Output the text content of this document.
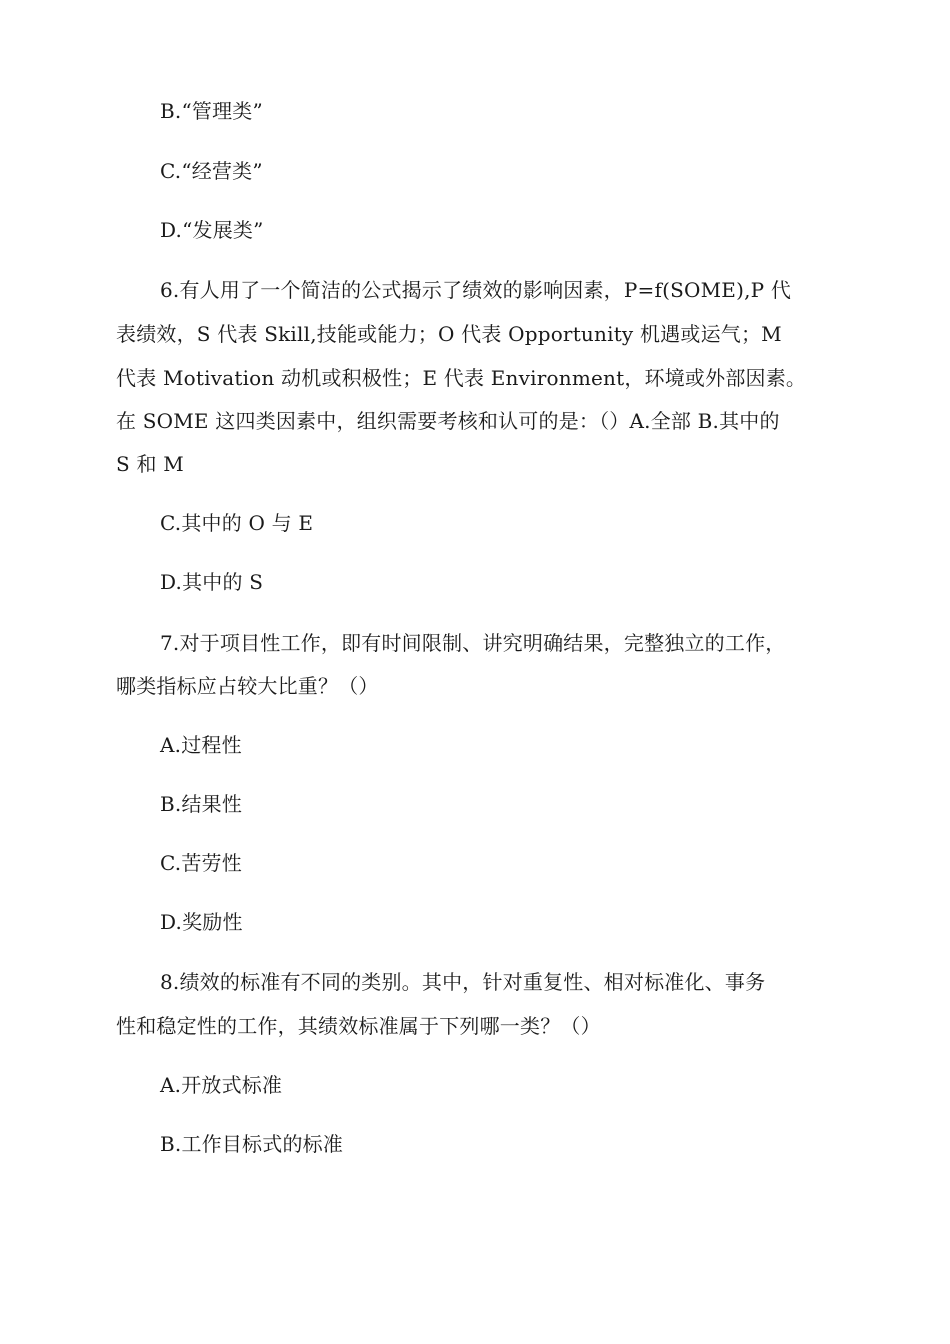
B.“管理类”
C.“经营类”
D.“发展类”
6.有人用了一个简洁的公式揭示了绩效的影响因素，P=f(SOME),P 代
表绩效，S 代表 Skill,技能或能力；O 代表 Opportunity 机遇或运气；M
代表 Motivation 动机或积极性；E 代表 Environment，环境或外部因素。
在 SOME 这四类因素中，组织需要考核和认可的是：（）A.全部 B.其中的
S 和 M
C.其中的 O 与 E
D.其中的 S
7.对于项目性工作，即有时间限制、讲究明确结果，完整独立的工作，
哪类指标应占较大比重？（）
A.过程性
B.结果性
C.苦劳性
D.奖励性
8.绩效的标准有不同的类别。其中，针对重复性、相对标准化、事务
性和稳定性的工作，其绩效标准属于下列哪一类？（）
A.开放式标准
B.工作目标式的标准
